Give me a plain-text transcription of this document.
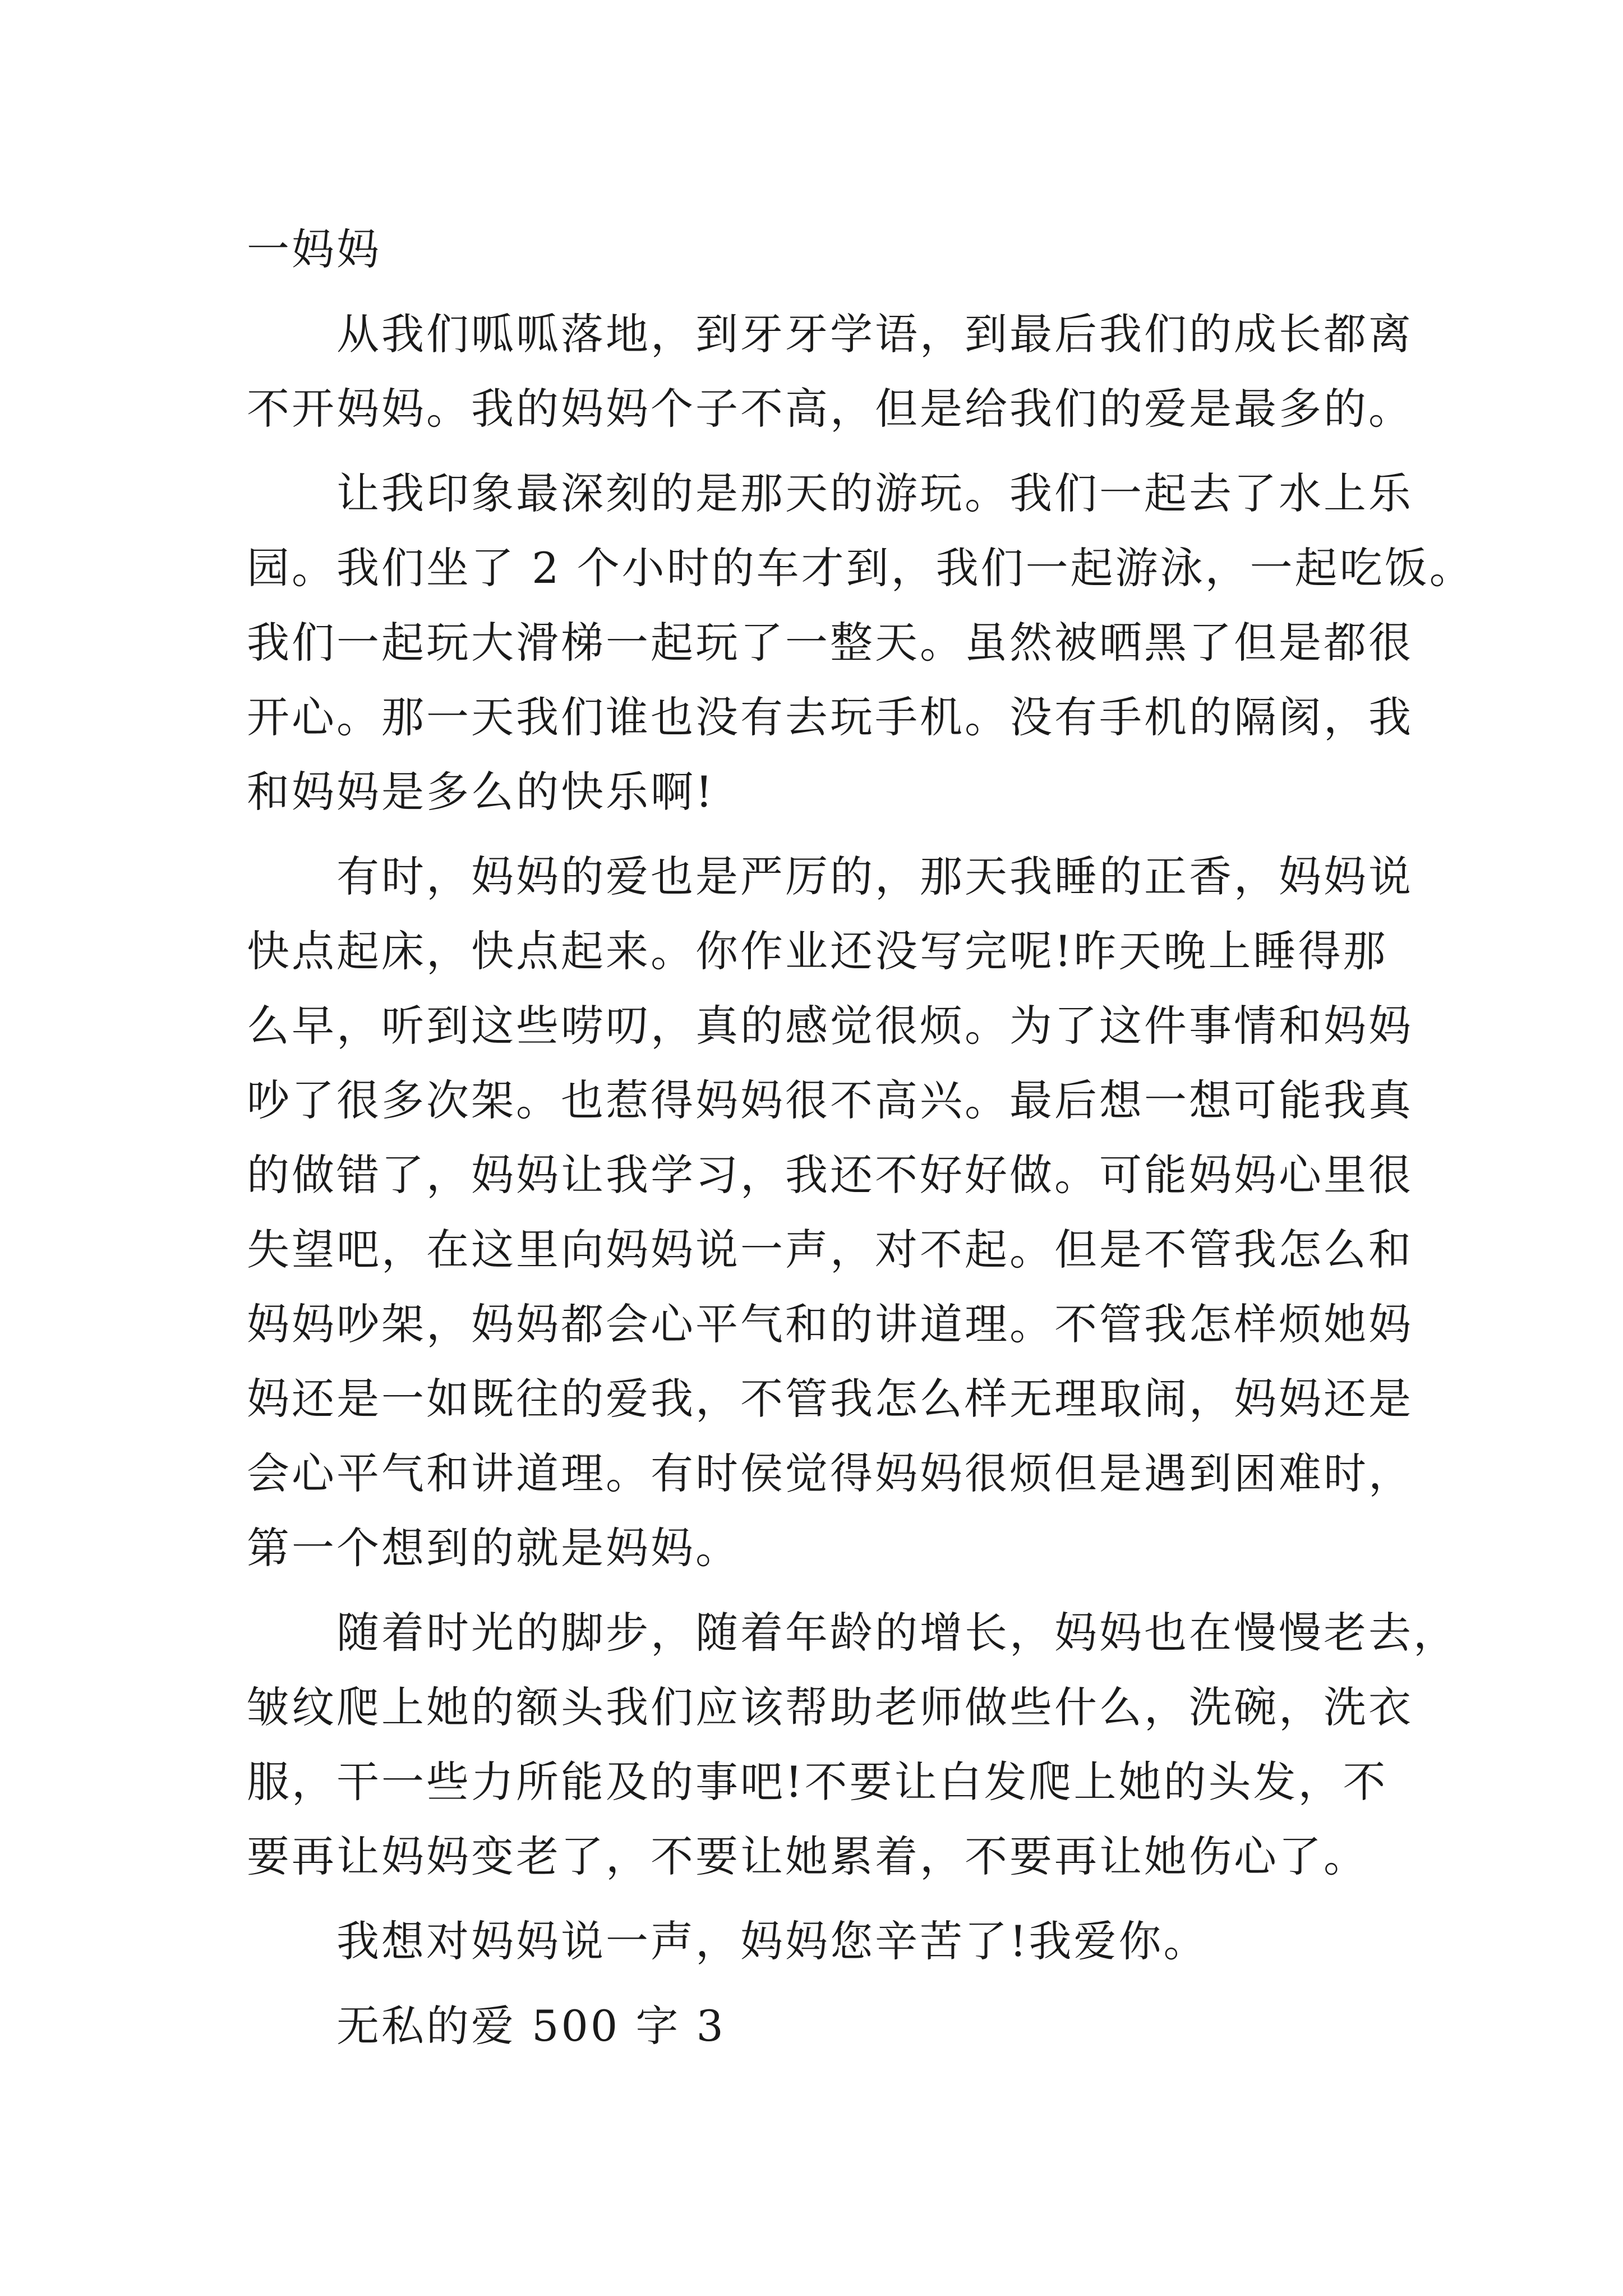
一妈妈
从我们呱呱落地，到牙牙学语，到最后我们的成长都离
不开妈妈。我的妈妈个子不高，但是给我们的爱是最多的。
让我印象最深刻的是那天的游玩。我们一起去了水上乐
园。我们坐了 2 个小时的车才到，我们一起游泳，一起吃饭。
我们一起玩大滑梯一起玩了一整天。虽然被晒黑了但是都很
开心。那一天我们谁也没有去玩手机。没有手机的隔阂，我
和妈妈是多么的快乐啊!
有时，妈妈的爱也是严厉的，那天我睡的正香，妈妈说
快点起床，快点起来。你作业还没写完呢!昨天晚上睡得那
么早，听到这些唠叨，真的感觉很烦。为了这件事情和妈妈
吵了很多次架。也惹得妈妈很不高兴。最后想一想可能我真
的做错了，妈妈让我学习，我还不好好做。可能妈妈心里很
失望吧，在这里向妈妈说一声，对不起。但是不管我怎么和
妈妈吵架，妈妈都会心平气和的讲道理。不管我怎样烦她妈
妈还是一如既往的爱我，不管我怎么样无理取闹，妈妈还是
会心平气和讲道理。有时侯觉得妈妈很烦但是遇到困难时，
第一个想到的就是妈妈。
随着时光的脚步，随着年龄的增长，妈妈也在慢慢老去，
皱纹爬上她的额头我们应该帮助老师做些什么，洗碗，洗衣
服，干一些力所能及的事吧!不要让白发爬上她的头发，不
要再让妈妈变老了，不要让她累着，不要再让她伤心了。
我想对妈妈说一声，妈妈您辛苦了!我爱你。
无私的爱 500 字 3
